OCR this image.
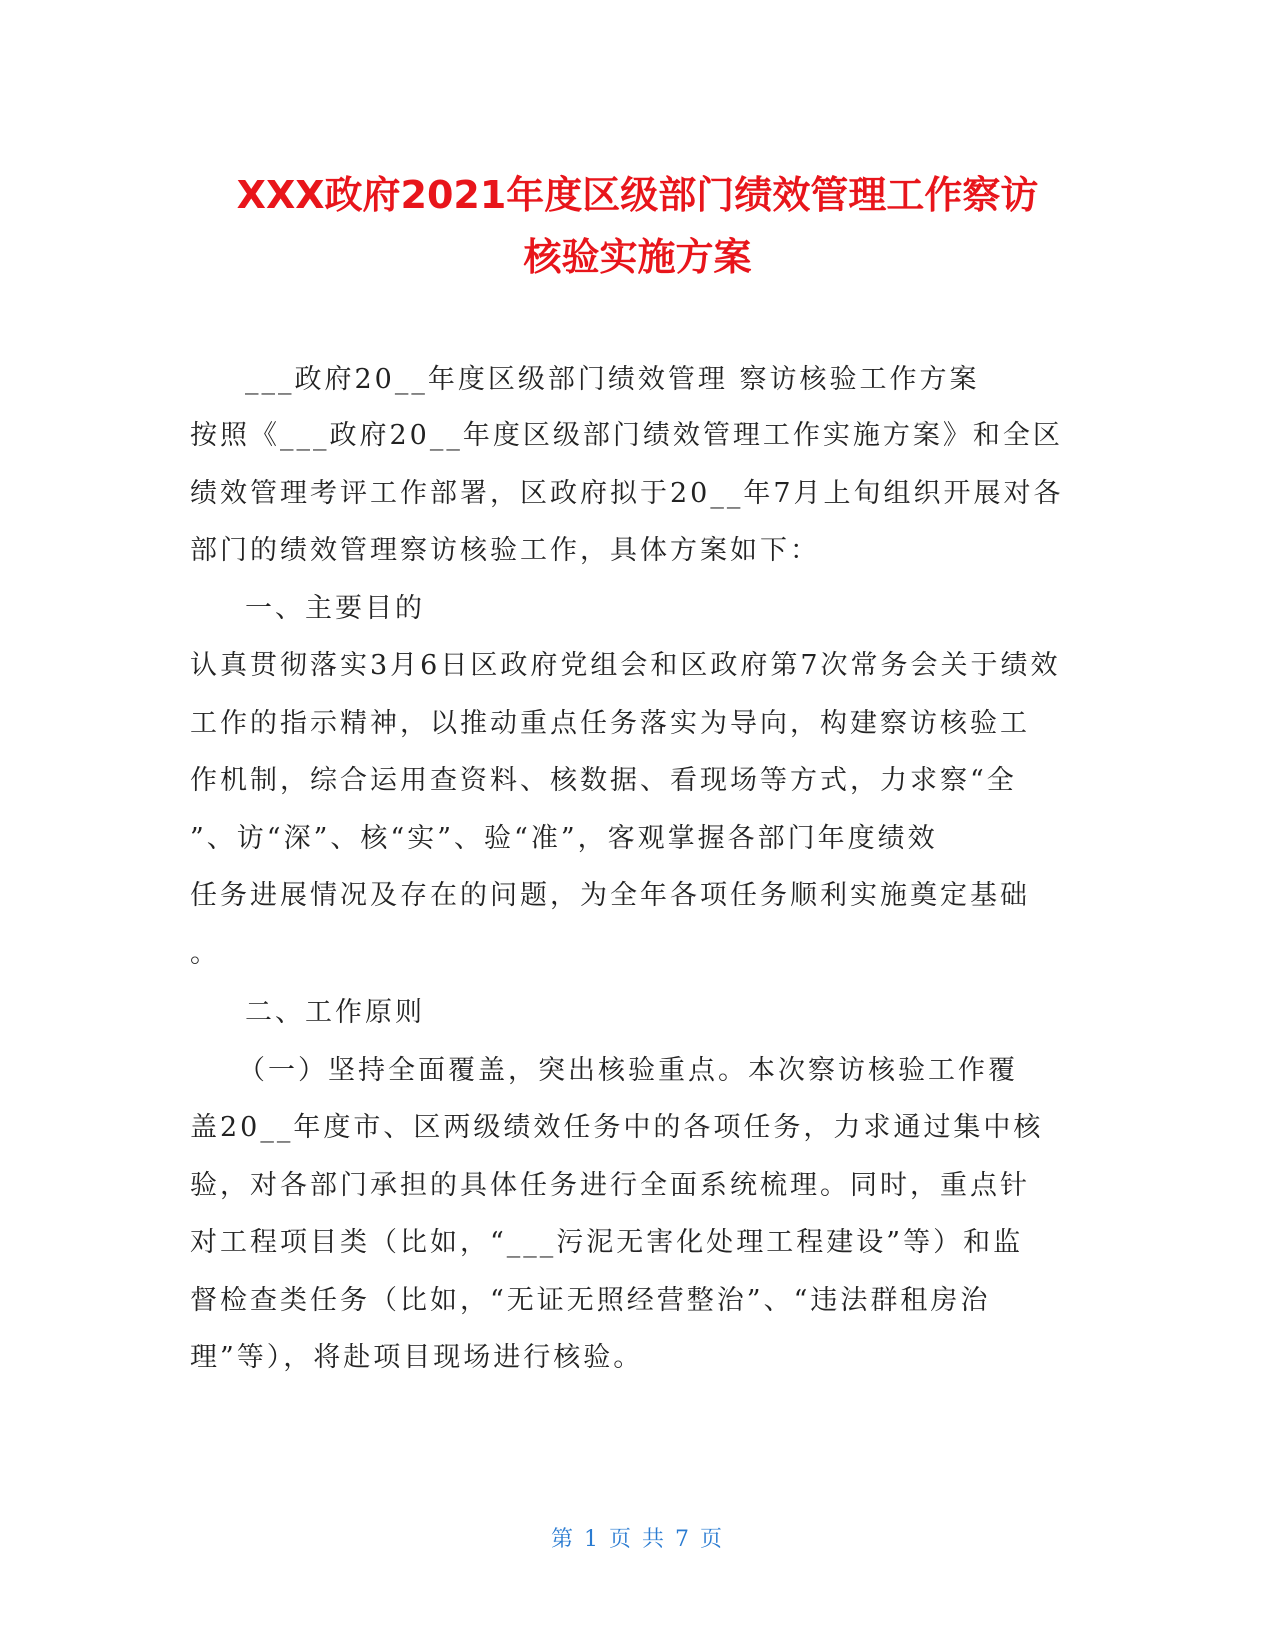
XXX政府2021年度区级部门绩效管理工作察访
核验实施方案

___政府20__年度区级部门绩效管理 察访核验工作方案

按照《___政府20__年度区级部门绩效管理工作实施方案》和全区

绩效管理考评工作部署，区政府拟于20__年7月上旬组织开展对各

部门的绩效管理察访核验工作，具体方案如下：

一、主要目的

认真贯彻落实3月6日区政府党组会和区政府第7次常务会关于绩效

工作的指示精神，以推动重点任务落实为导向，构建察访核验工

作机制，综合运用查资料、核数据、看现场等方式，力求察“全

”、访“深”、核“实”、验“准”，客观掌握各部门年度绩效

任务进展情况及存在的问题，为全年各项任务顺利实施奠定基础

。

二、工作原则

（一）坚持全面覆盖，突出核验重点。本次察访核验工作覆

盖20__年度市、区两级绩效任务中的各项任务，力求通过集中核

验，对各部门承担的具体任务进行全面系统梳理。同时，重点针

对工程项目类（比如，“___污泥无害化处理工程建设”等）和监

督检查类任务（比如，“无证无照经营整治”、“违法群租房治

理”等），将赴项目现场进行核验。

第 1 页 共 7 页
